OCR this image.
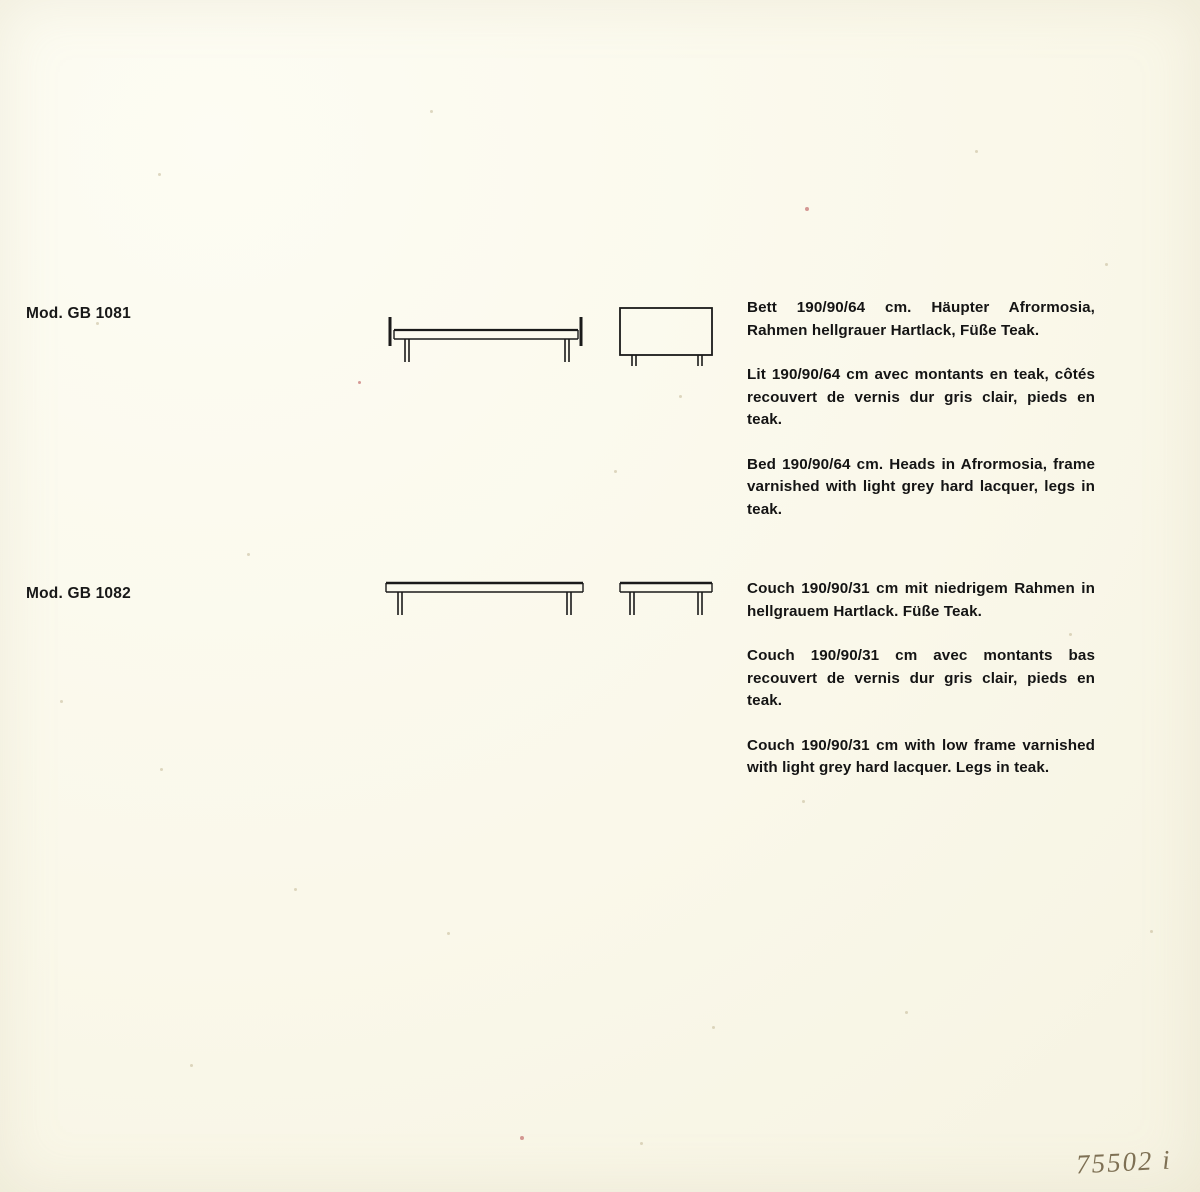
Mod. GB 1081	Bett 190/90/64 cm. Häupter Afrormosia, Rahmen hellgrauer Hartlack, Füße Teak.

Lit 190/90/64 cm avec montants en teak, côtés recouvert de vernis dur gris clair, pieds en teak.

Bed 190/90/64 cm. Heads in Afrormosia, frame varnished with light grey hard lacquer, legs in teak.

Mod. GB 1082	Couch 190/90/31 cm mit niedrigem Rahmen in hellgrauem Hartlack. Füße Teak.

Couch 190/90/31 cm avec montants bas recouvert de vernis dur gris clair, pieds en teak.

Couch 190/90/31 cm with low frame varnished with light grey hard lacquer. Legs in teak.

75502 i
